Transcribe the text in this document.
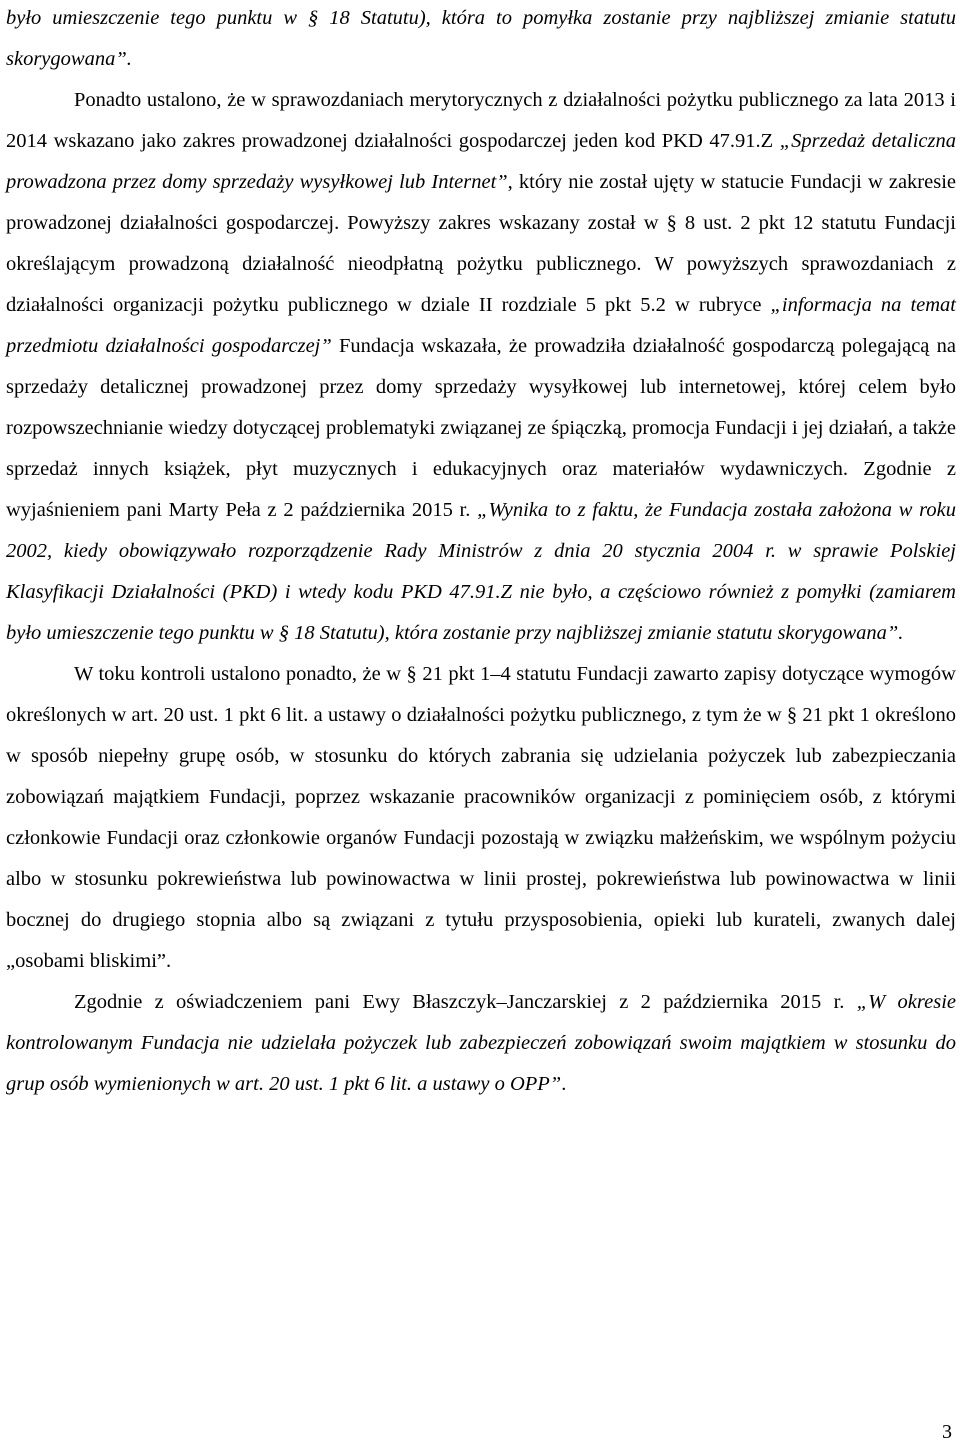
było umieszczenie tego punktu w § 18 Statutu), która to pomyłka zostanie przy najbliższej zmianie statutu skorygowana”.

Ponadto ustalono, że w sprawozdaniach merytorycznych z działalności pożytku publicznego za lata 2013 i 2014 wskazano jako zakres prowadzonej działalności gospodarczej jeden kod PKD 47.91.Z „Sprzedaż detaliczna prowadzona przez domy sprzedaży wysyłkowej lub Internet”, który nie został ujęty w statucie Fundacji w zakresie prowadzonej działalności gospodarczej. Powyższy zakres wskazany został w § 8 ust. 2 pkt 12 statutu Fundacji określającym prowadzoną działalność nieodpłatną pożytku publicznego. W powyższych sprawozdaniach z działalności organizacji pożytku publicznego w dziale II rozdziale 5 pkt 5.2 w rubryce „informacja na temat przedmiotu działalności gospodarczej” Fundacja wskazała, że prowadziła działalność gospodarczą polegającą na sprzedaży detalicznej prowadzonej przez domy sprzedaży wysyłkowej lub internetowej, której celem było rozpowszechnianie wiedzy dotyczącej problematyki związanej ze śpiączką, promocja Fundacji i jej działań, a także sprzedaż innych książek, płyt muzycznych i edukacyjnych oraz materiałów wydawniczych. Zgodnie z wyjaśnieniem pani Marty Peła z 2 października 2015 r. „Wynika to z faktu, że Fundacja została założona w roku 2002, kiedy obowiązywało rozporządzenie Rady Ministrów z dnia 20 stycznia 2004 r. w sprawie Polskiej Klasyfikacji Działalności (PKD) i wtedy kodu PKD 47.91.Z nie było, a częściowo również z pomyłki (zamiarem było umieszczenie tego punktu w § 18 Statutu), która zostanie przy najbliższej zmianie statutu skorygowana”.

W toku kontroli ustalono ponadto, że w § 21 pkt 1–4 statutu Fundacji zawarto zapisy dotyczące wymogów określonych w art. 20 ust. 1 pkt 6 lit. a ustawy o działalności pożytku publicznego, z tym że w § 21 pkt 1 określono w sposób niepełny grupę osób, w stosunku do których zabrania się udzielania pożyczek lub zabezpieczania zobowiązań majątkiem Fundacji, poprzez wskazanie pracowników organizacji z pominięciem osób, z którymi członkowie Fundacji oraz członkowie organów Fundacji pozostają w związku małżeńskim, we wspólnym pożyciu albo w stosunku pokrewieństwa lub powinowactwa w linii prostej, pokrewieństwa lub powinowactwa w linii bocznej do drugiego stopnia albo są związani z tytułu przysposobienia, opieki lub kurateli, zwanych dalej „osobami bliskimi”.

Zgodnie z oświadczeniem pani Ewy Błaszczyk–Janczarskiej z 2 października 2015 r. „W okresie kontrolowanym Fundacja nie udzielała pożyczek lub zabezpieczeń zobowiązań swoim majątkiem w stosunku do grup osób wymienionych w art. 20 ust. 1 pkt 6 lit. a ustawy o OPP”.

3
